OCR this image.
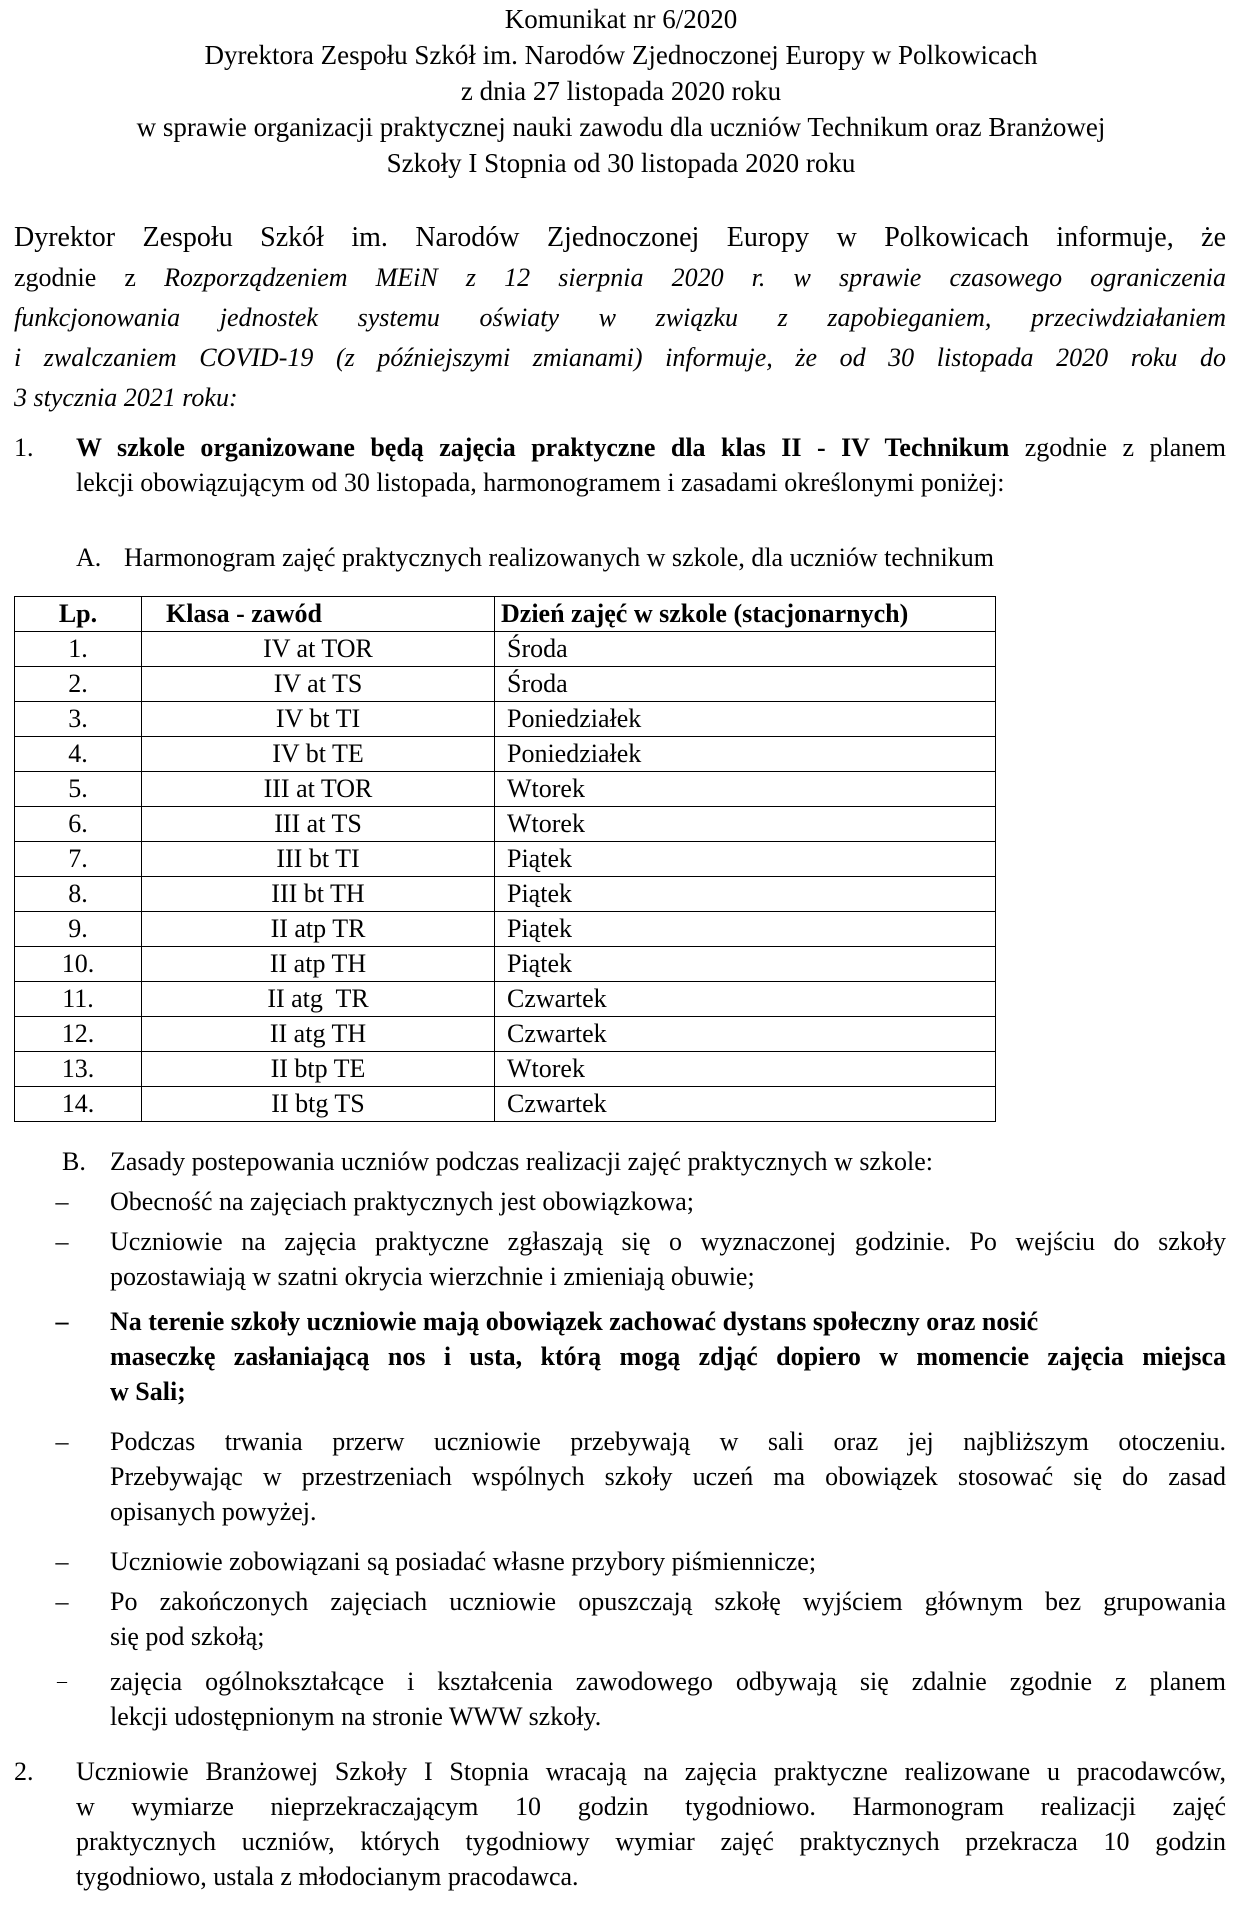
Komunikat nr 6/2020
Dyrektora Zespołu Szkół im. Narodów Zjednoczonej Europy w Polkowicach
z dnia 27 listopada 2020 roku
w sprawie organizacji praktycznej nauki zawodu dla uczniów Technikum oraz Branżowej
Szkoły I Stopnia od 30 listopada 2020 roku
Dyrektor Zespołu Szkół im. Narodów Zjednoczonej Europy w Polkowicach informuje, że
zgodnie z Rozporządzeniem MEiN z 12 sierpnia 2020 r. w sprawie czasowego ograniczenia
funkcjonowania jednostek systemu oświaty w związku z zapobieganiem, przeciwdziałaniem
i zwalczaniem COVID-19 (z późniejszymi zmianami) informuje, że od 30 listopada 2020 roku do
3 stycznia 2021 roku:
1. W szkole organizowane będą zajęcia praktyczne dla klas II - IV Technikum zgodnie z planem
lekcji obowiązującym od 30 listopada, harmonogramem i zasadami określonymi poniżej:
A. Harmonogram zajęć praktycznych realizowanych w szkole, dla uczniów technikum
Lp.	Klasa - zawód	Dzień zajęć w szkole (stacjonarnych)
1.	IV at TOR	Środa
2.	IV at TS	Środa
3.	IV bt TI	Poniedziałek
4.	IV bt TE	Poniedziałek
5.	III at TOR	Wtorek
6.	III at TS	Wtorek
7.	III bt TI	Piątek
8.	III bt TH	Piątek
9.	II atp TR	Piątek
10.	II atp TH	Piątek
11.	II atg  TR	Czwartek
12.	II atg TH	Czwartek
13.	II btp TE	Wtorek
14.	II btg TS	Czwartek
B. Zasady postepowania uczniów podczas realizacji zajęć praktycznych w szkole:
– Obecność na zajęciach praktycznych jest obowiązkowa;
– Uczniowie na zajęcia praktyczne zgłaszają się o wyznaczonej godzinie. Po wejściu do szkoły
pozostawiają w szatni okrycia wierzchnie i zmieniają obuwie;
– Na terenie szkoły uczniowie mają obowiązek zachować dystans społeczny oraz nosić
maseczkę zasłaniającą nos i usta, którą mogą zdjąć dopiero w momencie zajęcia miejsca
w Sali;
– Podczas trwania przerw uczniowie przebywają w sali oraz jej najbliższym otoczeniu.
Przebywając w przestrzeniach wspólnych szkoły uczeń ma obowiązek stosować się do zasad
opisanych powyżej.
– Uczniowie zobowiązani są posiadać własne przybory piśmiennicze;
– Po zakończonych zajęciach uczniowie opuszczają szkołę wyjściem głównym bez grupowania
się pod szkołą;
– zajęcia ogólnokształcące i kształcenia zawodowego odbywają się zdalnie zgodnie z planem
lekcji udostępnionym na stronie WWW szkoły.
2. Uczniowie Branżowej Szkoły I Stopnia wracają na zajęcia praktyczne realizowane u pracodawców,
w wymiarze nieprzekraczającym 10 godzin tygodniowo. Harmonogram realizacji zajęć
praktycznych uczniów, których tygodniowy wymiar zajęć praktycznych przekracza 10 godzin
tygodniowo, ustala z młodocianym pracodawca.
